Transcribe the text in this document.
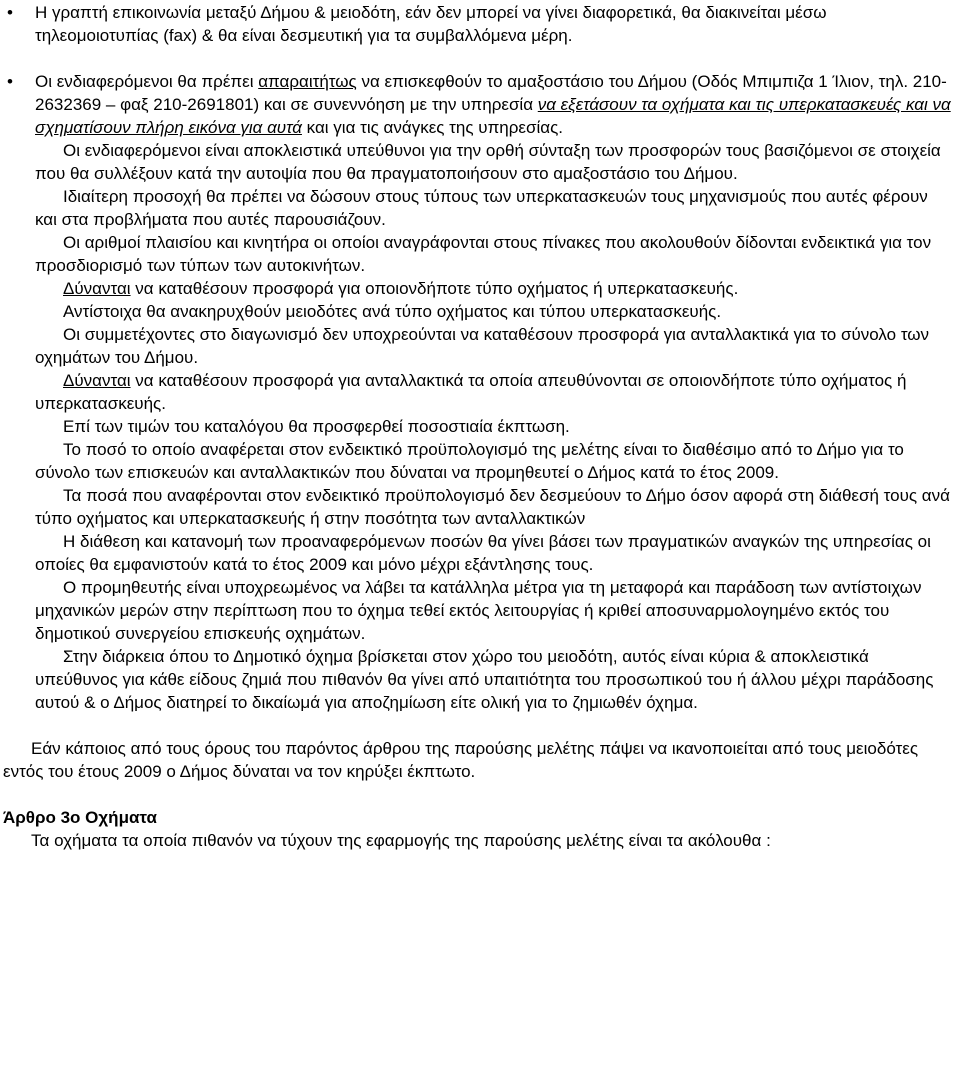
• Η γραπτή επικοινωνία μεταξύ Δήμου & μειοδότη, εάν δεν μπορεί να γίνει διαφορετικά, θα διακινείται μέσω τηλεομοιοτυπίας (fax) & θα είναι δεσμευτική για τα συμβαλλόμενα μέρη.

• Οι ενδιαφερόμενοι θα πρέπει απαραιτήτως να επισκεφθούν το αμαξοστάσιο του Δήμου (Οδός Μπιμπιζα 1 Ίλιον, τηλ. 210-2632369 – φαξ 210-2691801) και σε συνεννόηση με την υπηρεσία να εξετάσουν τα οχήματα και τις υπερκατασκευές και να σχηματίσουν πλήρη εικόνα για αυτά και για τις ανάγκες της υπηρεσίας.

Οι ενδιαφερόμενοι είναι αποκλειστικά υπεύθυνοι για την ορθή σύνταξη των προσφορών τους βασιζόμενοι σε στοιχεία που θα συλλέξουν κατά την αυτοψία που θα πραγματοποιήσουν στο αμαξοστάσιο του Δήμου.

Ιδιαίτερη προσοχή θα πρέπει να δώσουν στους τύπους των υπερκατασκευών τους μηχανισμούς που αυτές φέρουν και στα προβλήματα που αυτές παρουσιάζουν.

Οι αριθμοί πλαισίου και κινητήρα οι οποίοι αναγράφονται στους πίνακες που ακολουθούν δίδονται ενδεικτικά για τον προσδιορισμό των τύπων των αυτοκινήτων.

Δύνανται να καταθέσουν προσφορά για οποιονδήποτε τύπο οχήματος ή υπερκατασκευής.

Αντίστοιχα θα ανακηρυχθούν μειοδότες ανά τύπο οχήματος και τύπου υπερκατασκευής.

Οι συμμετέχοντες στο διαγωνισμό δεν υποχρεούνται να καταθέσουν προσφορά για ανταλλακτικά για το σύνολο των οχημάτων του Δήμου.

Δύνανται να καταθέσουν προσφορά για ανταλλακτικά τα οποία απευθύνονται σε οποιονδήποτε τύπο οχήματος ή υπερκατασκευής.

Επί των τιμών του καταλόγου θα προσφερθεί ποσοστιαία έκπτωση.

Το ποσό το οποίο αναφέρεται στον ενδεικτικό προϋπολογισμό της μελέτης είναι το διαθέσιμο από το Δήμο για το σύνολο των επισκευών και ανταλλακτικών που δύναται να προμηθευτεί ο Δήμος κατά το έτος 2009.

Τα ποσά που αναφέρονται στον ενδεικτικό προϋπολογισμό δεν δεσμεύουν το Δήμο όσον αφορά στη διάθεσή τους ανά τύπο οχήματος και υπερκατασκευής ή στην ποσότητα των ανταλλακτικών

Η διάθεση και κατανομή των προαναφερόμενων ποσών θα γίνει βάσει των πραγματικών αναγκών της υπηρεσίας οι οποίες θα εμφανιστούν κατά το έτος 2009 και μόνο μέχρι εξάντλησης τους.

Ο προμηθευτής είναι υποχρεωμένος να λάβει τα κατάλληλα μέτρα για τη μεταφορά και παράδοση των αντίστοιχων μηχανικών μερών στην περίπτωση που το όχημα τεθεί εκτός λειτουργίας ή κριθεί αποσυναρμολογημένο εκτός του δημοτικού συνεργείου επισκευής οχημάτων.

Στην διάρκεια όπου το Δημοτικό όχημα βρίσκεται στον χώρο του μειοδότη, αυτός είναι κύρια & αποκλειστικά υπεύθυνος για κάθε είδους ζημιά που πιθανόν θα γίνει από υπαιτιότητα του προσωπικού του ή άλλου μέχρι παράδοσης αυτού & ο Δήμος διατηρεί το δικαίωμά για αποζημίωση είτε ολική για το ζημιωθέν όχημα.

Εάν κάποιος από τους όρους του παρόντος άρθρου της παρούσης μελέτης πάψει να ικανοποιείται από τους μειοδότες εντός του έτους 2009 ο Δήμος δύναται να τον κηρύξει έκπτωτο.

Άρθρο 3ο Οχήματα

Τα οχήματα τα οποία πιθανόν να τύχουν της εφαρμογής της παρούσης μελέτης είναι τα ακόλουθα :
